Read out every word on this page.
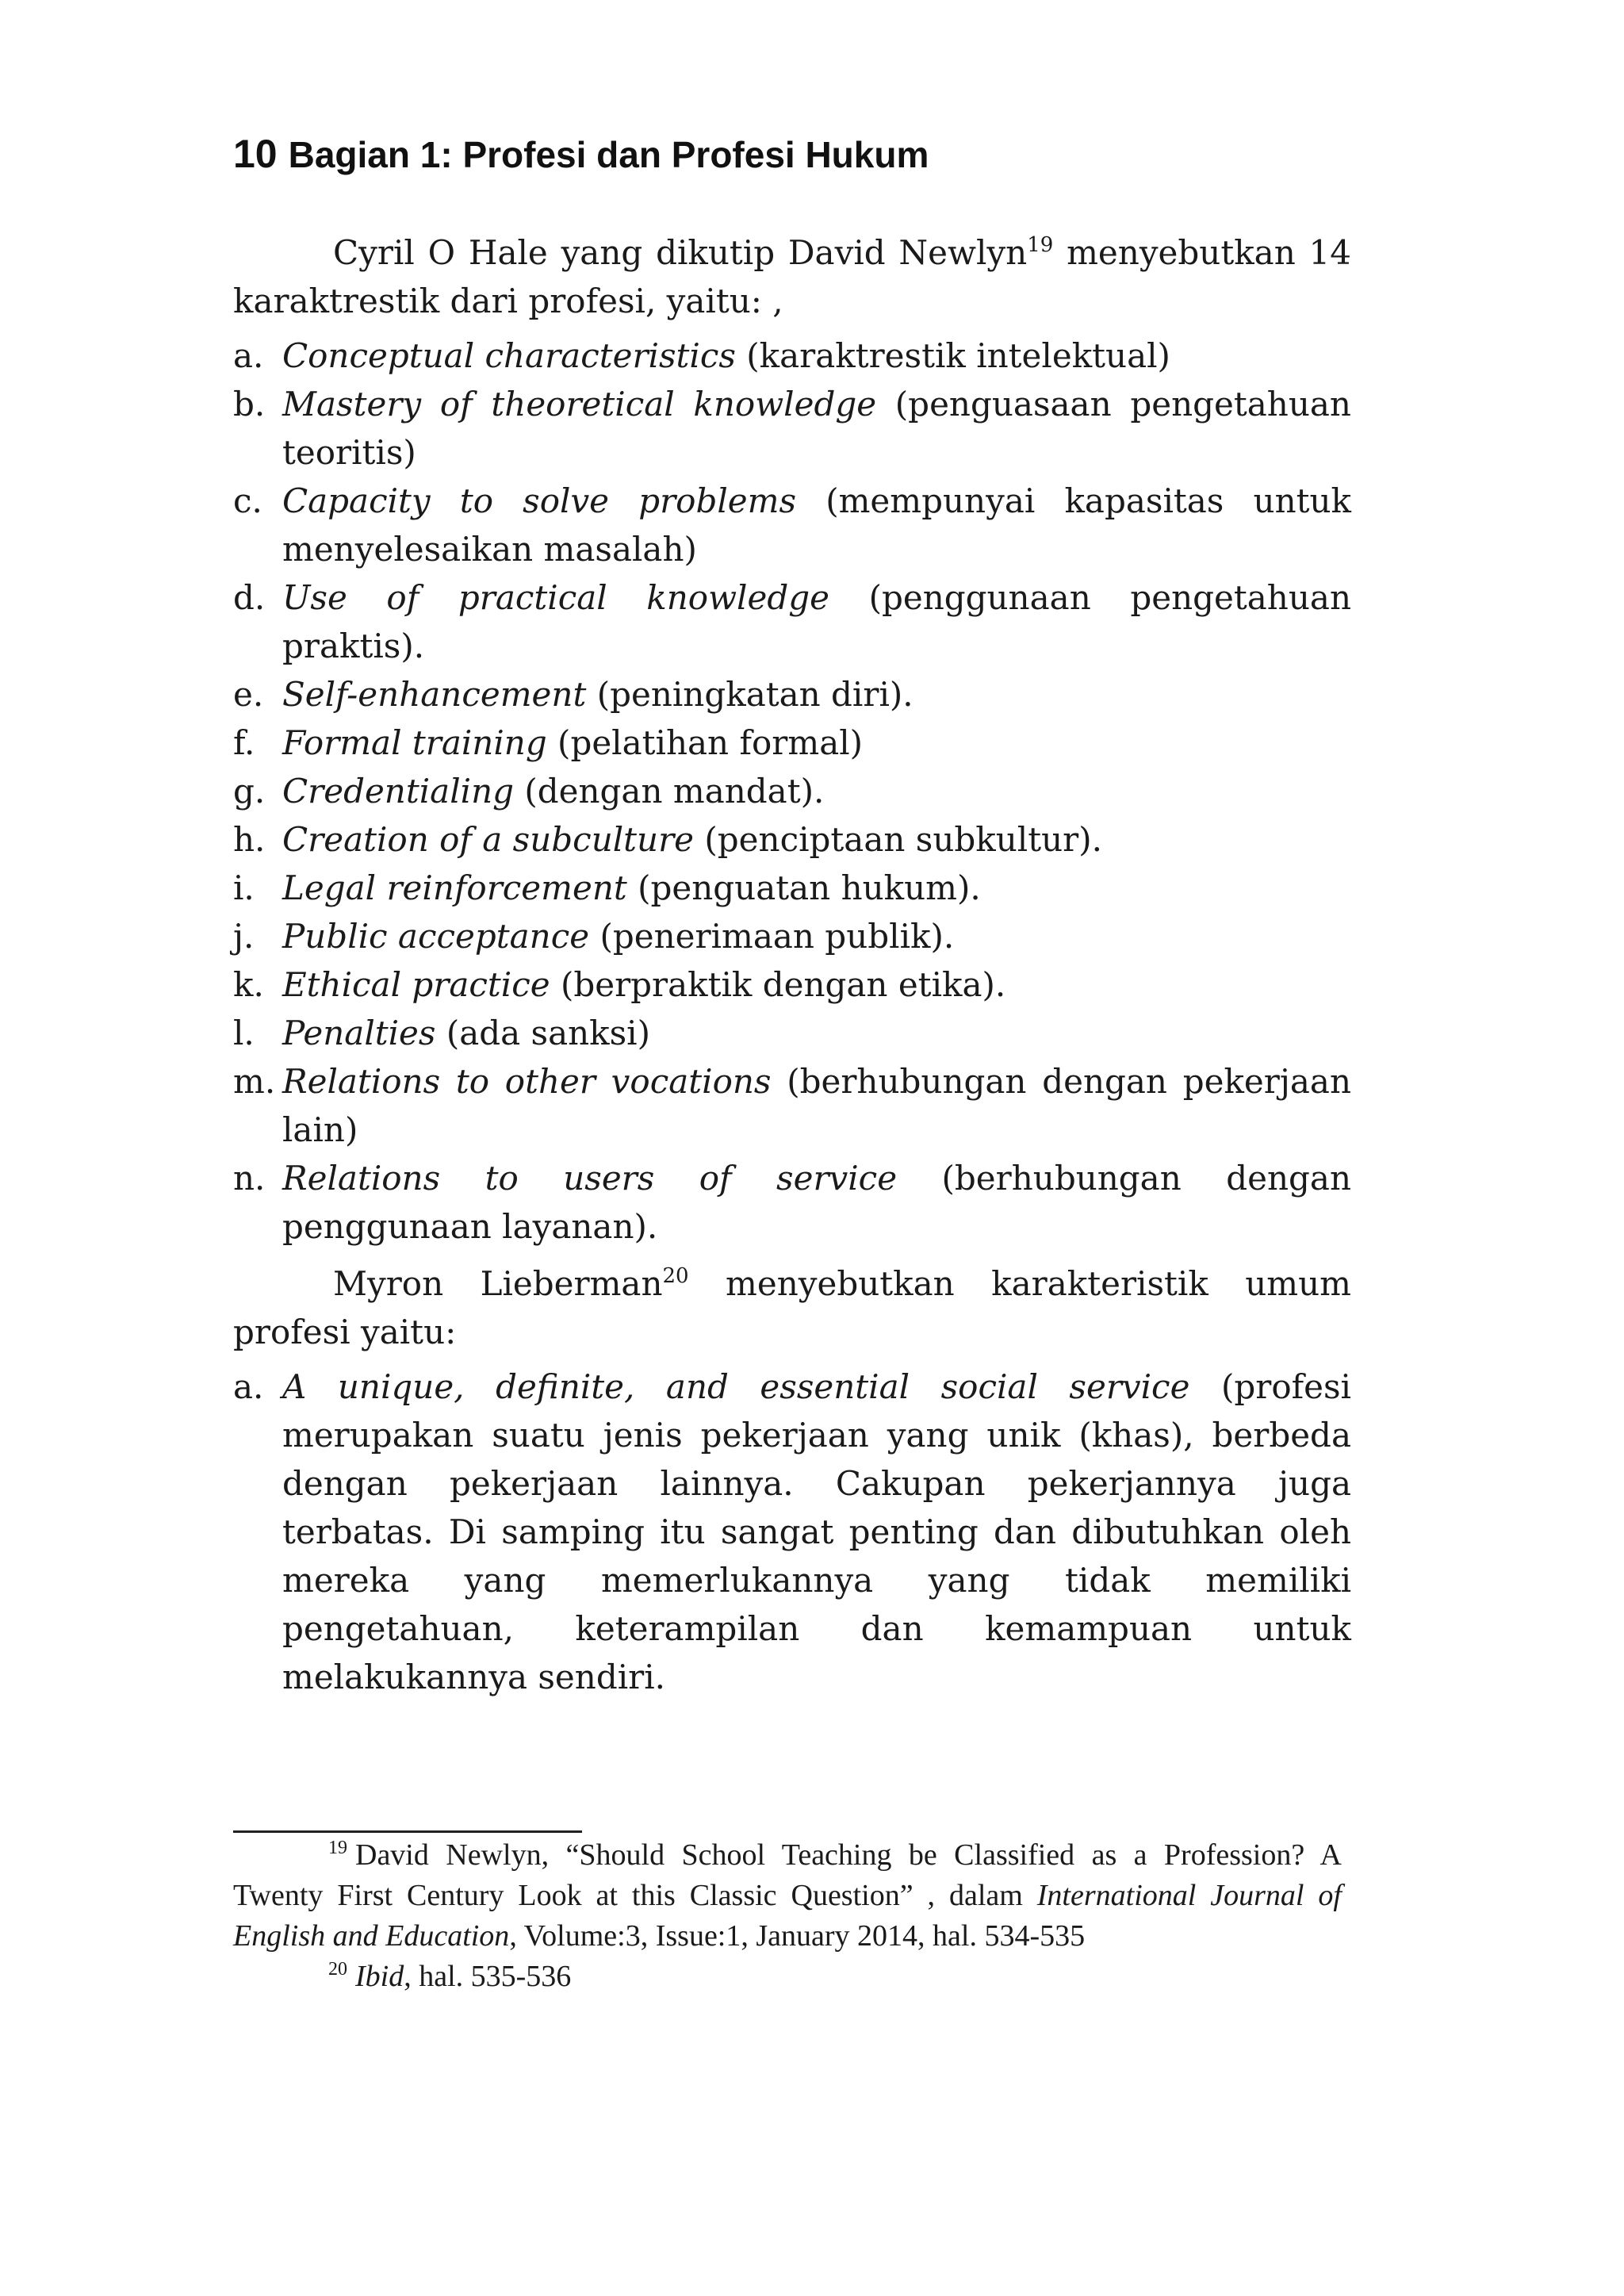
10 Bagian 1: Profesi dan Profesi Hukum

Cyril O Hale yang dikutip David Newlyn$^{19}$ menyebutkan 14 karaktrestik dari profesi, yaitu: ,

a. Conceptual characteristics (karaktrestik intelektual)
b. Mastery of theoretical knowledge (penguasaan pengetahuan teoritis)
c. Capacity to solve problems (mempunyai kapasitas untuk menyelesaikan masalah)
d. Use of practical knowledge (penggunaan pengetahuan praktis).
e. Self-enhancement (peningkatan diri).
f. Formal training (pelatihan formal)
g. Credentialing (dengan mandat).
h. Creation of a subculture (penciptaan subkultur).
i. Legal reinforcement (penguatan hukum).
j. Public acceptance (penerimaan publik).
k. Ethical practice (berpraktik dengan etika).
l. Penalties (ada sanksi)
m. Relations to other vocations (berhubungan dengan pekerjaan lain)
n. Relations to users of service (berhubungan dengan penggunaan layanan).

Myron Lieberman$^{20}$ menyebutkan karakteristik umum profesi yaitu:

a. A unique, definite, and essential social service (profesi merupakan suatu jenis pekerjaan yang unik (khas), berbeda dengan pekerjaan lainnya. Cakupan pekerjannya juga terbatas. Di samping itu sangat penting dan dibutuhkan oleh mereka yang memerlukannya yang tidak memiliki pengetahuan, keterampilan dan kemampuan untuk melakukannya sendiri.

$^{19}$ David Newlyn, “Should School Teaching be Classified as a Profession? A Twenty First Century Look at this Classic Question” , dalam International Journal of English and Education, Volume:3, Issue:1, January 2014, hal. 534-535

$^{20}$ Ibid, hal. 535-536
